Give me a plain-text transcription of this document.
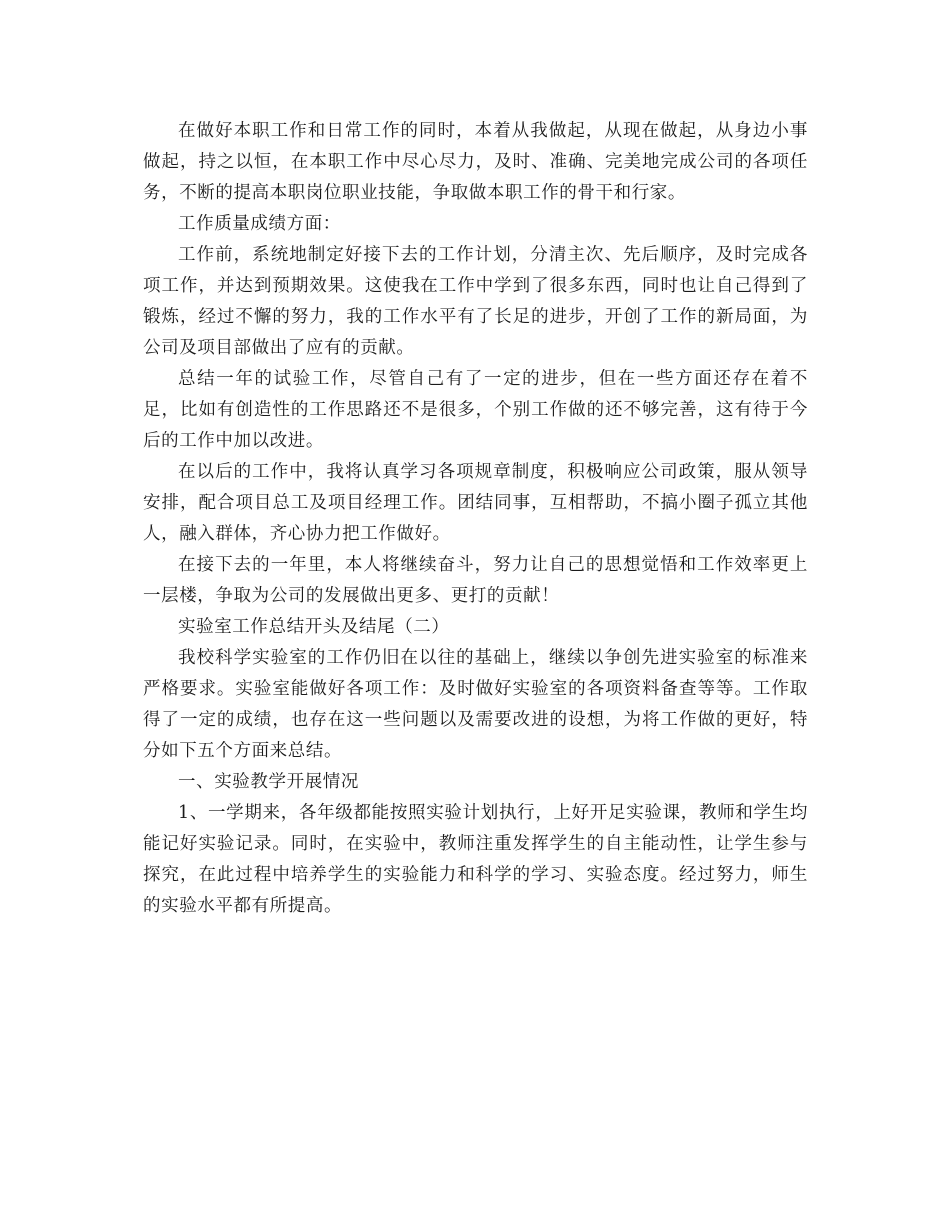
在做好本职工作和日常工作的同时，本着从我做起，从现在做起，从身边小事做起，持之以恒，在本职工作中尽心尽力，及时、准确、完美地完成公司的各项任务，不断的提高本职岗位职业技能，争取做本职工作的骨干和行家。

工作质量成绩方面：

工作前，系统地制定好接下去的工作计划，分清主次、先后顺序，及时完成各项工作，并达到预期效果。这使我在工作中学到了很多东西，同时也让自己得到了锻炼，经过不懈的努力，我的工作水平有了长足的进步，开创了工作的新局面，为公司及项目部做出了应有的贡献。

总结一年的试验工作，尽管自己有了一定的进步，但在一些方面还存在着不足，比如有创造性的工作思路还不是很多，个别工作做的还不够完善，这有待于今后的工作中加以改进。

在以后的工作中，我将认真学习各项规章制度，积极响应公司政策，服从领导安排，配合项目总工及项目经理工作。团结同事，互相帮助，不搞小圈子孤立其他人，融入群体，齐心协力把工作做好。

在接下去的一年里，本人将继续奋斗，努力让自己的思想觉悟和工作效率更上一层楼，争取为公司的发展做出更多、更打的贡献！

实验室工作总结开头及结尾（二）

我校科学实验室的工作仍旧在以往的基础上，继续以争创先进实验室的标准来严格要求。实验室能做好各项工作：及时做好实验室的各项资料备查等等。工作取得了一定的成绩，也存在这一些问题以及需要改进的设想，为将工作做的更好，特分如下五个方面来总结。

一、实验教学开展情况

1、一学期来，各年级都能按照实验计划执行，上好开足实验课，教师和学生均能记好实验记录。同时，在实验中，教师注重发挥学生的自主能动性，让学生参与探究，在此过程中培养学生的实验能力和科学的学习、实验态度。经过努力，师生的实验水平都有所提高。
